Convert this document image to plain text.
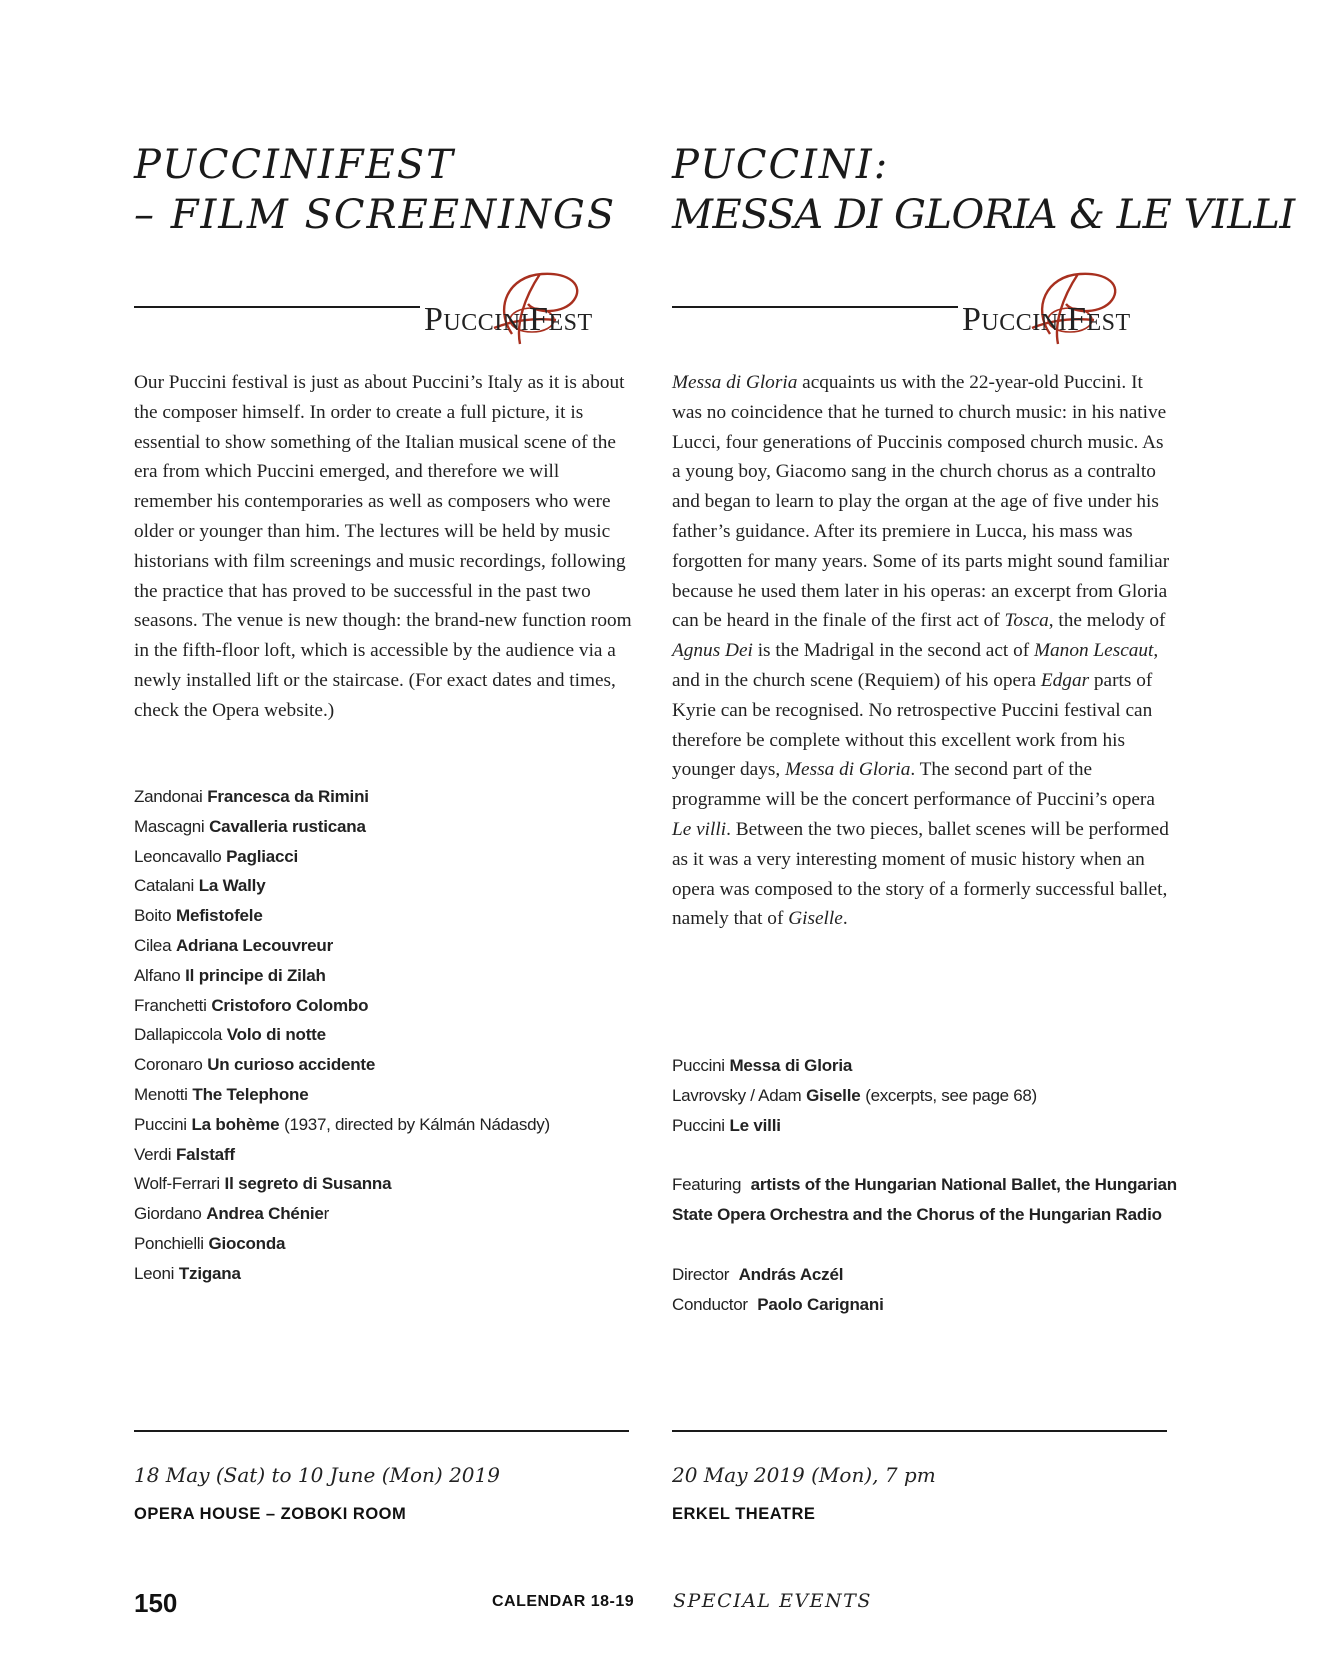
PUCCINIFEST
– FILM SCREENINGS
PucciniFest

Our Puccini festival is just as about Puccini’s Italy as it is about the composer himself. In order to create a full picture, it is essential to show something of the Italian musical scene of the era from which Puccini emerged, and therefore we will remember his contemporaries as well as composers who were older or younger than him. The lectures will be held by music historians with film screenings and music recordings, following the practice that has proved to be successful in the past two seasons. The venue is new though: the brand-new function room in the fifth-floor loft, which is accessible by the audience via a newly installed lift or the staircase. (For exact dates and times, check the Opera website.)

Zandonai Francesca da Rimini
Mascagni Cavalleria rusticana
Leoncavallo Pagliacci
Catalani La Wally
Boito Mefistofele
Cilea Adriana Lecouvreur
Alfano Il principe di Zilah
Franchetti Cristoforo Colombo
Dallapiccola Volo di notte
Coronaro Un curioso accidente
Menotti The Telephone
Puccini La bohème (1937, directed by Kálmán Nádasdy)
Verdi Falstaff
Wolf-Ferrari Il segreto di Susanna
Giordano Andrea Chénier
Ponchielli Gioconda
Leoni Tzigana
18 May (Sat) to 10 June (Mon) 2019
OPERA HOUSE – ZOBOKI ROOM
PUCCINI:
MESSA DI GLORIA & LE VILLI
PucciniFest

Messa di Gloria acquaints us with the 22-year-old Puccini. It was no coincidence that he turned to church music: in his native Lucci, four generations of Puccinis composed church music. As a young boy, Giacomo sang in the church chorus as a contralto and began to learn to play the organ at the age of five under his father’s guidance. After its premiere in Lucca, his mass was forgotten for many years. Some of its parts might sound familiar because he used them later in his operas: an excerpt from Gloria can be heard in the finale of the first act of Tosca, the melody of Agnus Dei is the Madrigal in the second act of Manon Lescaut, and in the church scene (Requiem) of his opera Edgar parts of Kyrie can be recognised. No retrospective Puccini festival can therefore be complete without this excellent work from his younger days, Messa di Gloria. The second part of the programme will be the concert performance of Puccini’s opera Le villi. Between the two pieces, ballet scenes will be performed as it was a very interesting moment of music history when an opera was composed to the story of a formerly successful ballet, namely that of Giselle.

Puccini Messa di Gloria
Lavrovsky / Adam Giselle (excerpts, see page 68)
Puccini Le villi
Featuring artists of the Hungarian National Ballet, the Hungarian
State Opera Orchestra and the Chorus of the Hungarian Radio
Director András Aczél
Conductor Paolo Carignani
20 May 2019 (Mon), 7 pm
ERKEL THEATRE
150	CALENDAR 18-19 SPECIAL EVENTS
